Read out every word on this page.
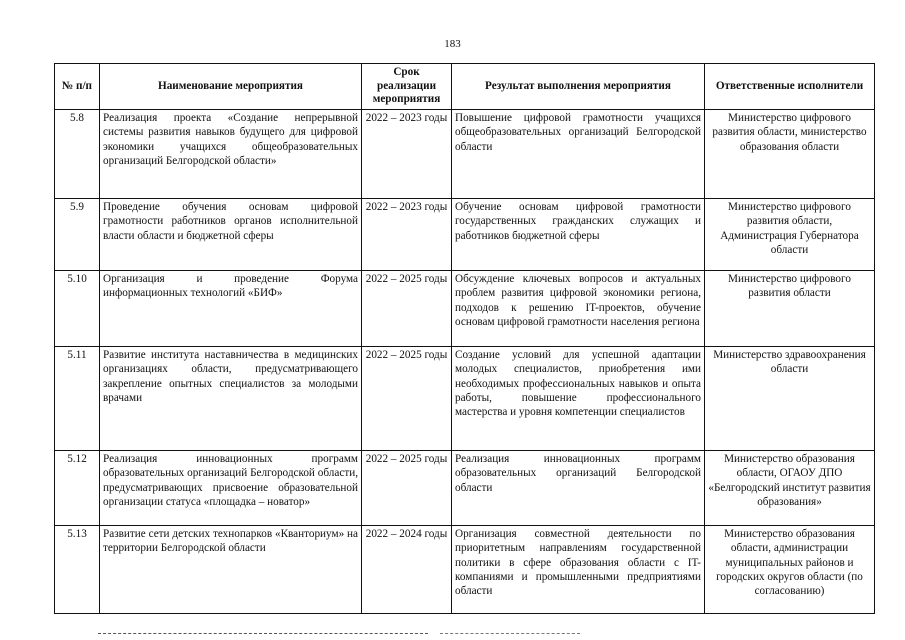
183
№ п/п	Наименование мероприятия	Срок реализации мероприятия	Результат выполнения мероприятия	Ответственные исполнители
5.8	Реализация проекта «Создание непрерывной системы развития навыков будущего для цифровой экономики учащихся общеобразовательных организаций Белгородской области»	2022 – 2023 годы	Повышение цифровой грамотности учащихся общеобразовательных организаций Белгородской области	Министерство цифрового развития области, министерство образования области
5.9	Проведение обучения основам цифровой грамотности работников органов исполнительной власти области и бюджетной сферы	2022 – 2023 годы	Обучение основам цифровой грамотности государственных гражданских служащих и работников бюджетной сферы	Министерство цифрового развития области, Администрация Губернатора области
5.10	Организация и проведение Форума информационных технологий «БИФ»	2022 – 2025 годы	Обсуждение ключевых вопросов и актуальных проблем развития цифровой экономики региона, подходов к решению IT-проектов, обучение основам цифровой грамотности населения региона	Министерство цифрового развития области
5.11	Развитие института наставничества в медицинских организациях области, предусматривающего закрепление опытных специалистов за молодыми врачами	2022 – 2025 годы	Создание условий для успешной адаптации молодых специалистов, приобретения ими необходимых профессиональных навыков и опыта работы, повышение профессионального мастерства и уровня компетенции специалистов	Министерство здравоохранения области
5.12	Реализация инновационных программ образовательных организаций Белгородской области, предусматривающих присвоение образовательной организации статуса «площадка – новатор»	2022 – 2025 годы	Реализация инновационных программ образовательных организаций Белгородской области	Министерство образования области, ОГАОУ ДПО «Белгородский институт развития образования»
5.13	Развитие сети детских технопарков «Кванториум» на территории Белгородской области	2022 – 2024 годы	Организация совместной деятельности по приоритетным направлениям государственной политики в сфере образования области с IT-компаниями и промышленными предприятиями области	Министерство образования области, администрации муниципальных районов и городских округов области (по согласованию)
